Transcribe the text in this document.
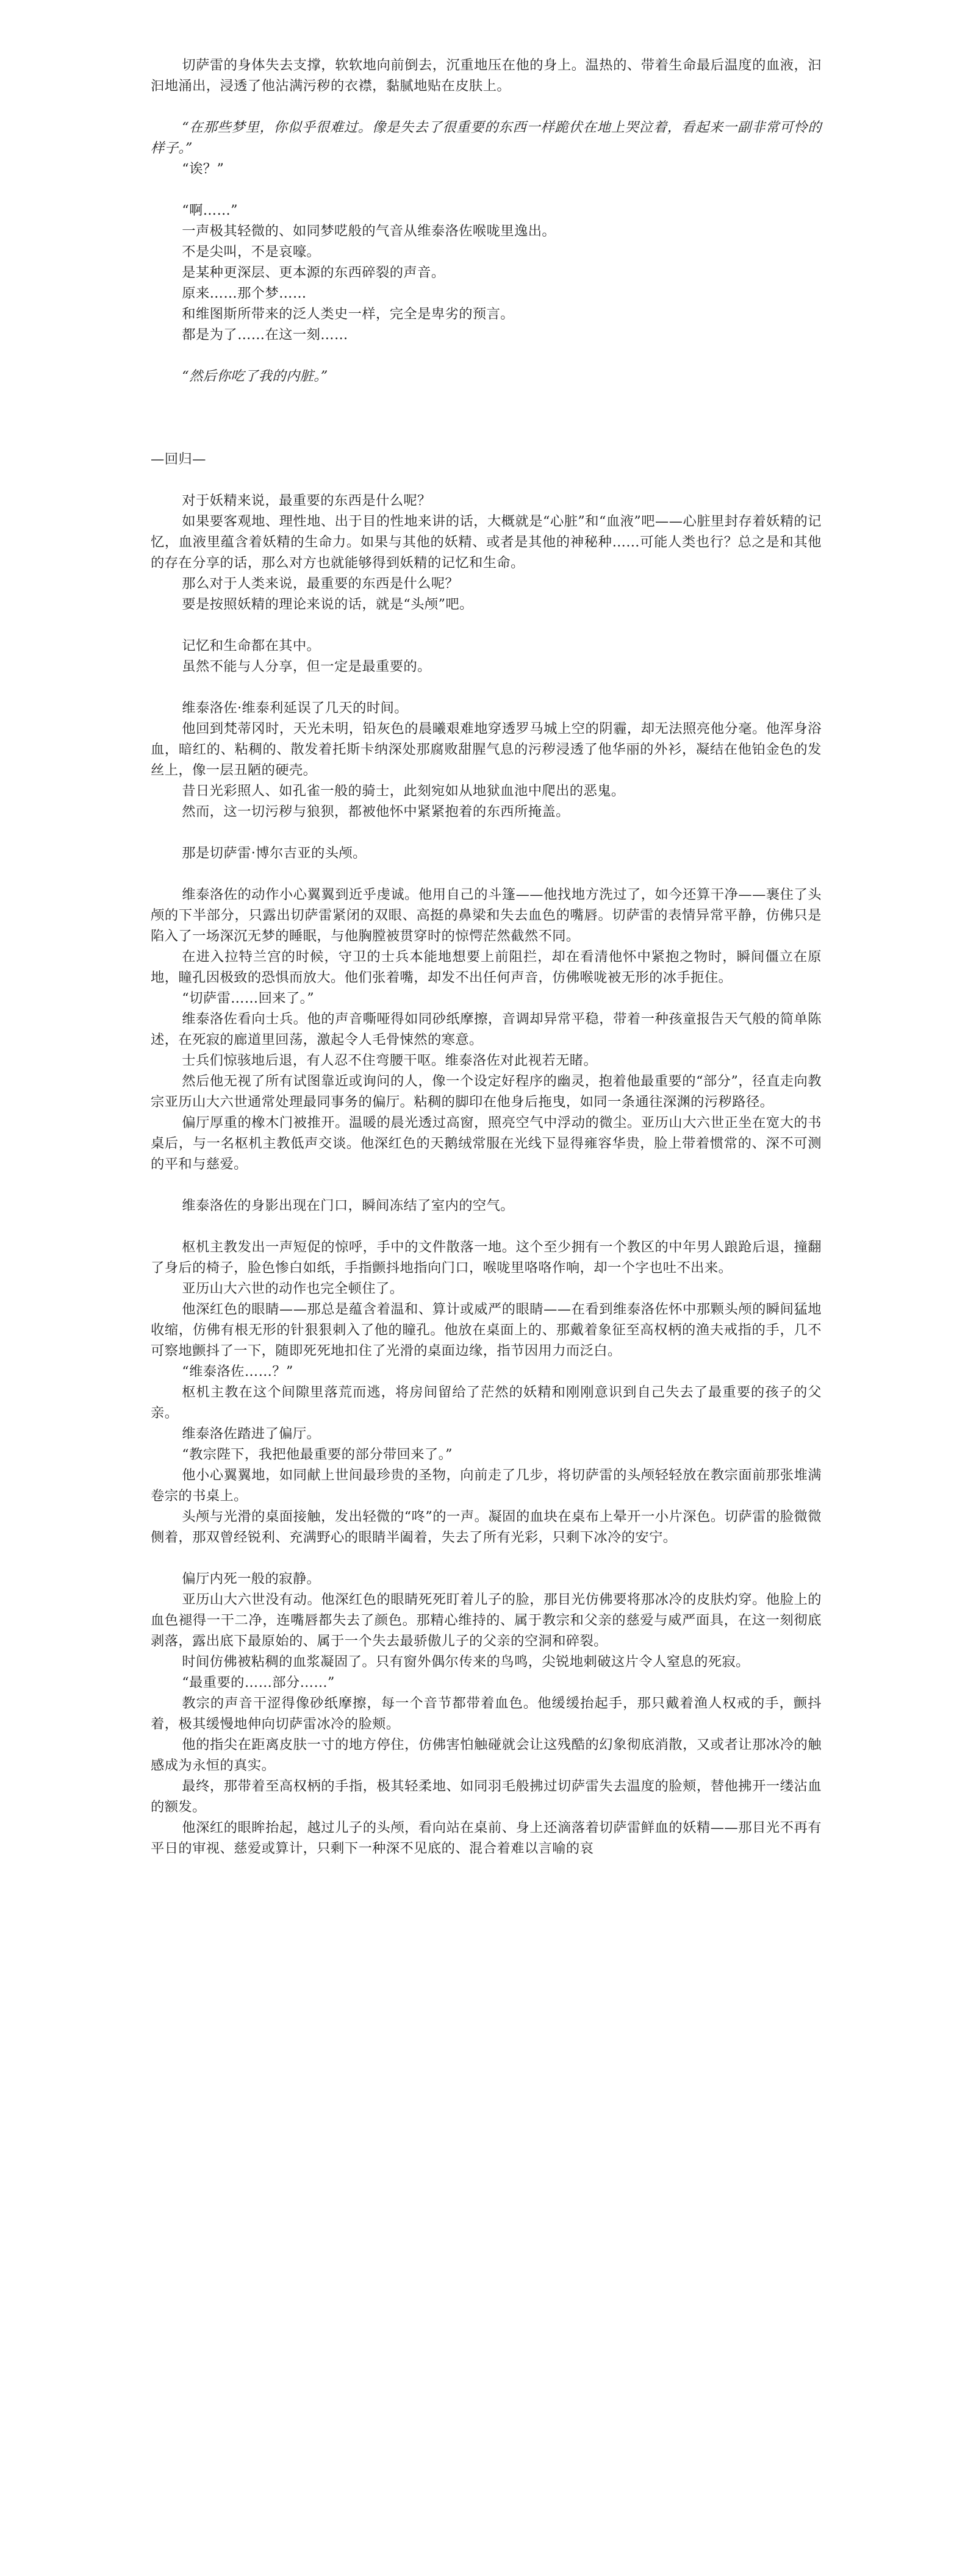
切萨雷的身体失去支撑，软软地向前倒去，沉重地压在他的身上。温热的、带着生命最后温度的血液，汩汩地涌出，浸透了他沾满污秽的衣襟，黏腻地贴在皮肤上。

“在那些梦里，你似乎很难过。像是失去了很重要的东西一样跪伏在地上哭泣着，看起来一副非常可怜的样子。”

“诶？”

“啊……”

一声极其轻微的、如同梦呓般的气音从维泰洛佐喉咙里逸出。

不是尖叫，不是哀嚎。

是某种更深层、更本源的东西碎裂的声音。

原来……那个梦……

和维图斯所带来的泛人类史一样，完全是卑劣的预言。

都是为了……在这一刻……

“然后你吃了我的内脏。”

—回归—

对于妖精来说，最重要的东西是什么呢？

如果要客观地、理性地、出于目的性地来讲的话，大概就是“心脏”和“血液”吧——心脏里封存着妖精的记忆，血液里蕴含着妖精的生命力。如果与其他的妖精、或者是其他的神秘种……可能人类也行？总之是和其他的存在分享的话，那么对方也就能够得到妖精的记忆和生命。

那么对于人类来说，最重要的东西是什么呢？

要是按照妖精的理论来说的话，就是“头颅”吧。

记忆和生命都在其中。

虽然不能与人分享，但一定是最重要的。

维泰洛佐·维泰利延误了几天的时间。

他回到梵蒂冈时，天光未明，铅灰色的晨曦艰难地穿透罗马城上空的阴霾，却无法照亮他分毫。他浑身浴血，暗红的、粘稠的、散发着托斯卡纳深处那腐败甜腥气息的污秽浸透了他华丽的外衫，凝结在他铂金色的发丝上，像一层丑陋的硬壳。

昔日光彩照人、如孔雀一般的骑士，此刻宛如从地狱血池中爬出的恶鬼。

然而，这一切污秽与狼狈，都被他怀中紧紧抱着的东西所掩盖。

那是切萨雷·博尔吉亚的头颅。

维泰洛佐的动作小心翼翼到近乎虔诚。他用自己的斗篷——他找地方洗过了，如今还算干净——裹住了头颅的下半部分，只露出切萨雷紧闭的双眼、高挺的鼻梁和失去血色的嘴唇。切萨雷的表情异常平静，仿佛只是陷入了一场深沉无梦的睡眠，与他胸膛被贯穿时的惊愕茫然截然不同。

在进入拉特兰宫的时候，守卫的士兵本能地想要上前阻拦，却在看清他怀中紧抱之物时，瞬间僵立在原地，瞳孔因极致的恐惧而放大。他们张着嘴，却发不出任何声音，仿佛喉咙被无形的冰手扼住。

“切萨雷……回来了。”

维泰洛佐看向士兵。他的声音嘶哑得如同砂纸摩擦，音调却异常平稳，带着一种孩童报告天气般的简单陈述，在死寂的廊道里回荡，激起令人毛骨悚然的寒意。

士兵们惊骇地后退，有人忍不住弯腰干呕。维泰洛佐对此视若无睹。

然后他无视了所有试图靠近或询问的人，像一个设定好程序的幽灵，抱着他最重要的“部分”，径直走向教宗亚历山大六世通常处理最同事务的偏厅。粘稠的脚印在他身后拖曳，如同一条通往深渊的污秽路径。

偏厅厚重的橡木门被推开。温暖的晨光透过高窗，照亮空气中浮动的微尘。亚历山大六世正坐在宽大的书桌后，与一名枢机主教低声交谈。他深红色的天鹅绒常服在光线下显得雍容华贵，脸上带着惯常的、深不可测的平和与慈爱。

维泰洛佐的身影出现在门口，瞬间冻结了室内的空气。

枢机主教发出一声短促的惊呼，手中的文件散落一地。这个至少拥有一个教区的中年男人踉跄后退，撞翻了身后的椅子，脸色惨白如纸，手指颤抖地指向门口，喉咙里咯咯作响，却一个字也吐不出来。

亚历山大六世的动作也完全顿住了。

他深红色的眼睛——那总是蕴含着温和、算计或威严的眼睛——在看到维泰洛佐怀中那颗头颅的瞬间猛地收缩，仿佛有根无形的针狠狠刺入了他的瞳孔。他放在桌面上的、那戴着象征至高权柄的渔夫戒指的手，几不可察地颤抖了一下，随即死死地扣住了光滑的桌面边缘，指节因用力而泛白。

“维泰洛佐……？”

枢机主教在这个间隙里落荒而逃，将房间留给了茫然的妖精和刚刚意识到自己失去了最重要的孩子的父亲。

维泰洛佐踏进了偏厅。

“教宗陛下，我把他最重要的部分带回来了。”

他小心翼翼地，如同献上世间最珍贵的圣物，向前走了几步，将切萨雷的头颅轻轻放在教宗面前那张堆满卷宗的书桌上。

头颅与光滑的桌面接触，发出轻微的“咚”的一声。凝固的血块在桌布上晕开一小片深色。切萨雷的脸微微侧着，那双曾经锐利、充满野心的眼睛半阖着，失去了所有光彩，只剩下冰冷的安宁。

偏厅内死一般的寂静。

亚历山大六世没有动。他深红色的眼睛死死盯着儿子的脸，那目光仿佛要将那冰冷的皮肤灼穿。他脸上的血色褪得一干二净，连嘴唇都失去了颜色。那精心维持的、属于教宗和父亲的慈爱与威严面具，在这一刻彻底剥落，露出底下最原始的、属于一个失去最骄傲儿子的父亲的空洞和碎裂。

时间仿佛被粘稠的血浆凝固了。只有窗外偶尔传来的鸟鸣，尖锐地刺破这片令人窒息的死寂。

“最重要的……部分……”

教宗的声音干涩得像砂纸摩擦，每一个音节都带着血色。他缓缓抬起手，那只戴着渔人权戒的手，颤抖着，极其缓慢地伸向切萨雷冰冷的脸颊。

他的指尖在距离皮肤一寸的地方停住，仿佛害怕触碰就会让这残酷的幻象彻底消散，又或者让那冰冷的触感成为永恒的真实。

最终，那带着至高权柄的手指，极其轻柔地、如同羽毛般拂过切萨雷失去温度的脸颊，替他拂开一缕沾血的额发。

他深红的眼眸抬起，越过儿子的头颅，看向站在桌前、身上还滴落着切萨雷鲜血的妖精——那目光不再有平日的审视、慈爱或算计，只剩下一种深不见底的、混合着难以言喻的哀
